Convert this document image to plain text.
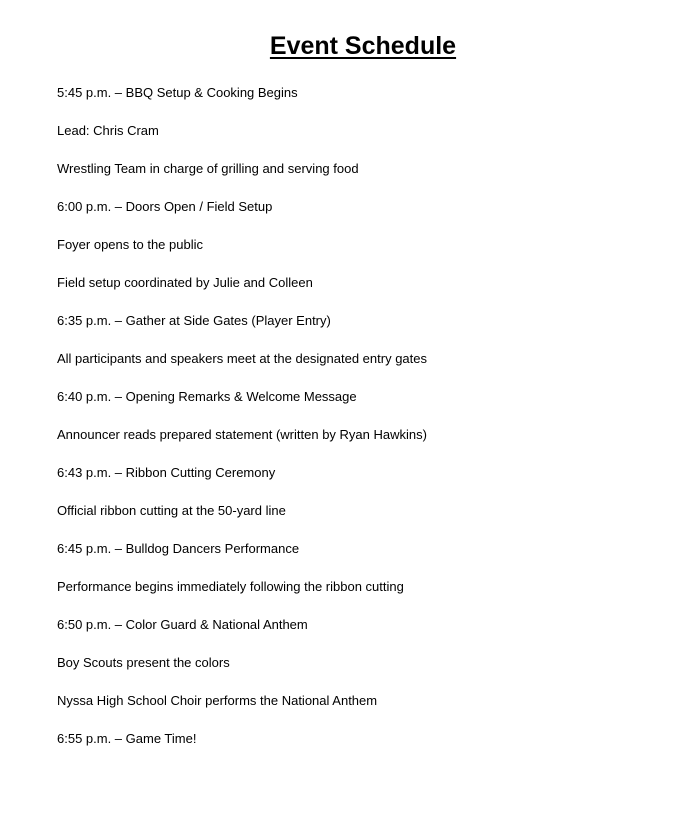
Event Schedule
5:45 p.m. – BBQ Setup & Cooking Begins
Lead: Chris Cram
Wrestling Team in charge of grilling and serving food
6:00 p.m. – Doors Open / Field Setup
Foyer opens to the public
Field setup coordinated by Julie and Colleen
6:35 p.m. – Gather at Side Gates (Player Entry)
All participants and speakers meet at the designated entry gates
6:40 p.m. – Opening Remarks & Welcome Message
Announcer reads prepared statement (written by Ryan Hawkins)
6:43 p.m. – Ribbon Cutting Ceremony
Official ribbon cutting at the 50-yard line
6:45 p.m. – Bulldog Dancers Performance
Performance begins immediately following the ribbon cutting
6:50 p.m. – Color Guard & National Anthem
Boy Scouts present the colors
Nyssa High School Choir performs the National Anthem
6:55 p.m. – Game Time!
